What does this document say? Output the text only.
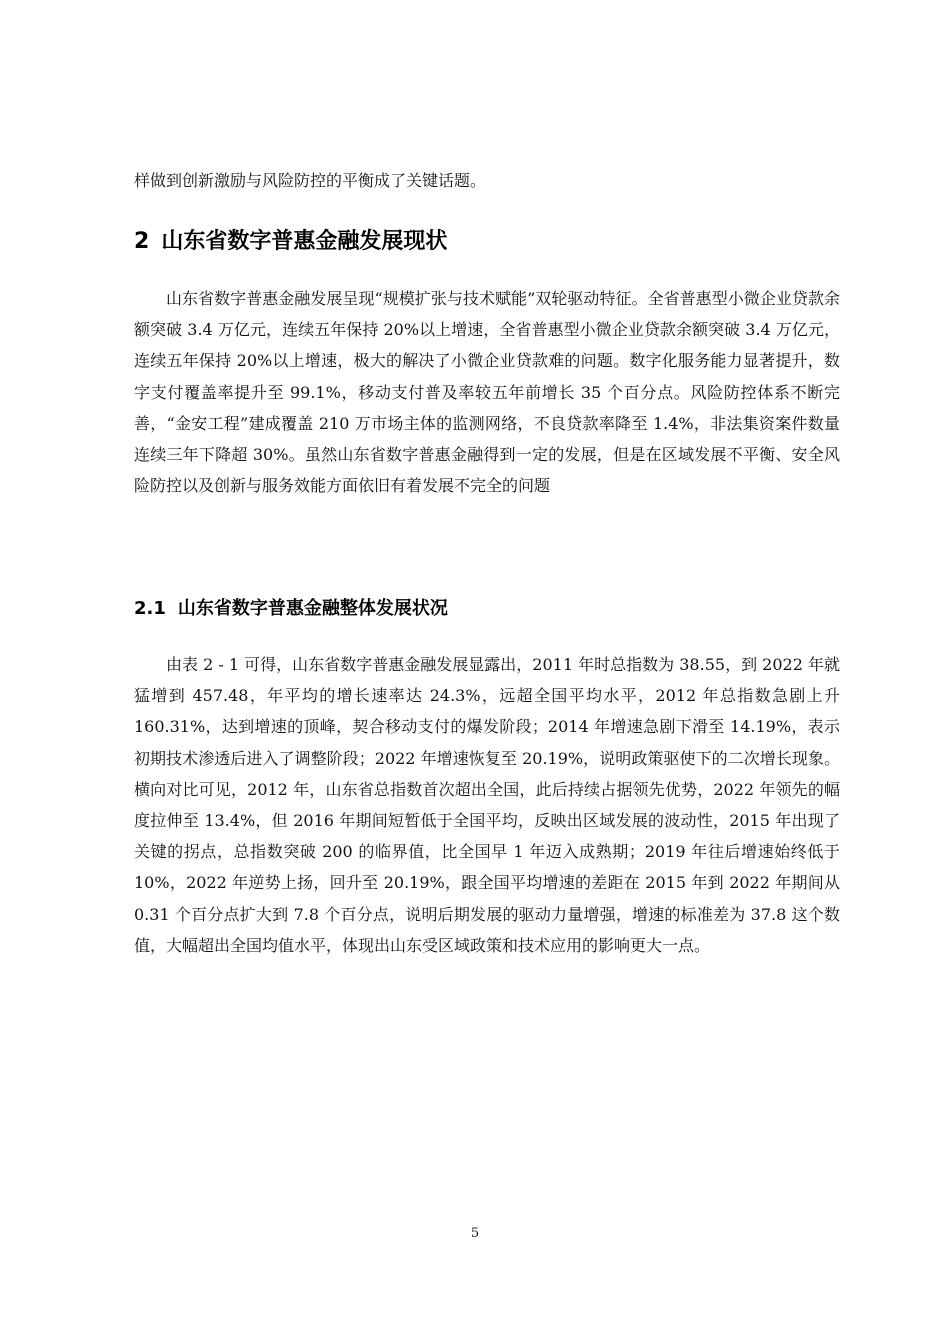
样做到创新激励与风险防控的平衡成了关键话题。

2 山东省数字普惠金融发展现状

山东省数字普惠金融发展呈现“规模扩张与技术赋能”双轮驱动特征。全省普惠型小微企业贷款余额突破 3.4 万亿元，连续五年保持 20%以上增速，全省普惠型小微企业贷款余额突破 3.4 万亿元，连续五年保持 20%以上增速，极大的解决了小微企业贷款难的问题。数字化服务能力显著提升，数字支付覆盖率提升至 99.1%，移动支付普及率较五年前增长 35 个百分点。风险防控体系不断完善，“金安工程”建成覆盖 210 万市场主体的监测网络，不良贷款率降至 1.4%，非法集资案件数量连续三年下降超 30%。虽然山东省数字普惠金融得到一定的发展，但是在区域发展不平衡、安全风险防控以及创新与服务效能方面依旧有着发展不完全的问题

2.1 山东省数字普惠金融整体发展状况

由表 2 - 1 可得，山东省数字普惠金融发展显露出，2011 年时总指数为 38.55，到 2022 年就猛增到 457.48，年平均的增长速率达 24.3%，远超全国平均水平，2012 年总指数急剧上升 160.31%，达到增速的顶峰，契合移动支付的爆发阶段；2014 年增速急剧下滑至 14.19%，表示初期技术渗透后进入了调整阶段；2022 年增速恢复至 20.19%，说明政策驱使下的二次增长现象。横向对比可见，2012 年，山东省总指数首次超出全国，此后持续占据领先优势，2022 年领先的幅度拉伸至 13.4%，但 2016 年期间短暂低于全国平均，反映出区域发展的波动性，2015 年出现了关键的拐点，总指数突破 200 的临界值，比全国早 1 年迈入成熟期；2019 年往后增速始终低于 10%，2022 年逆势上扬，回升至 20.19%，跟全国平均增速的差距在 2015 年到 2022 年期间从 0.31 个百分点扩大到 7.8 个百分点，说明后期发展的驱动力量增强，增速的标准差为 37.8 这个数值，大幅超出全国均值水平，体现出山东受区域政策和技术应用的影响更大一点。

5
